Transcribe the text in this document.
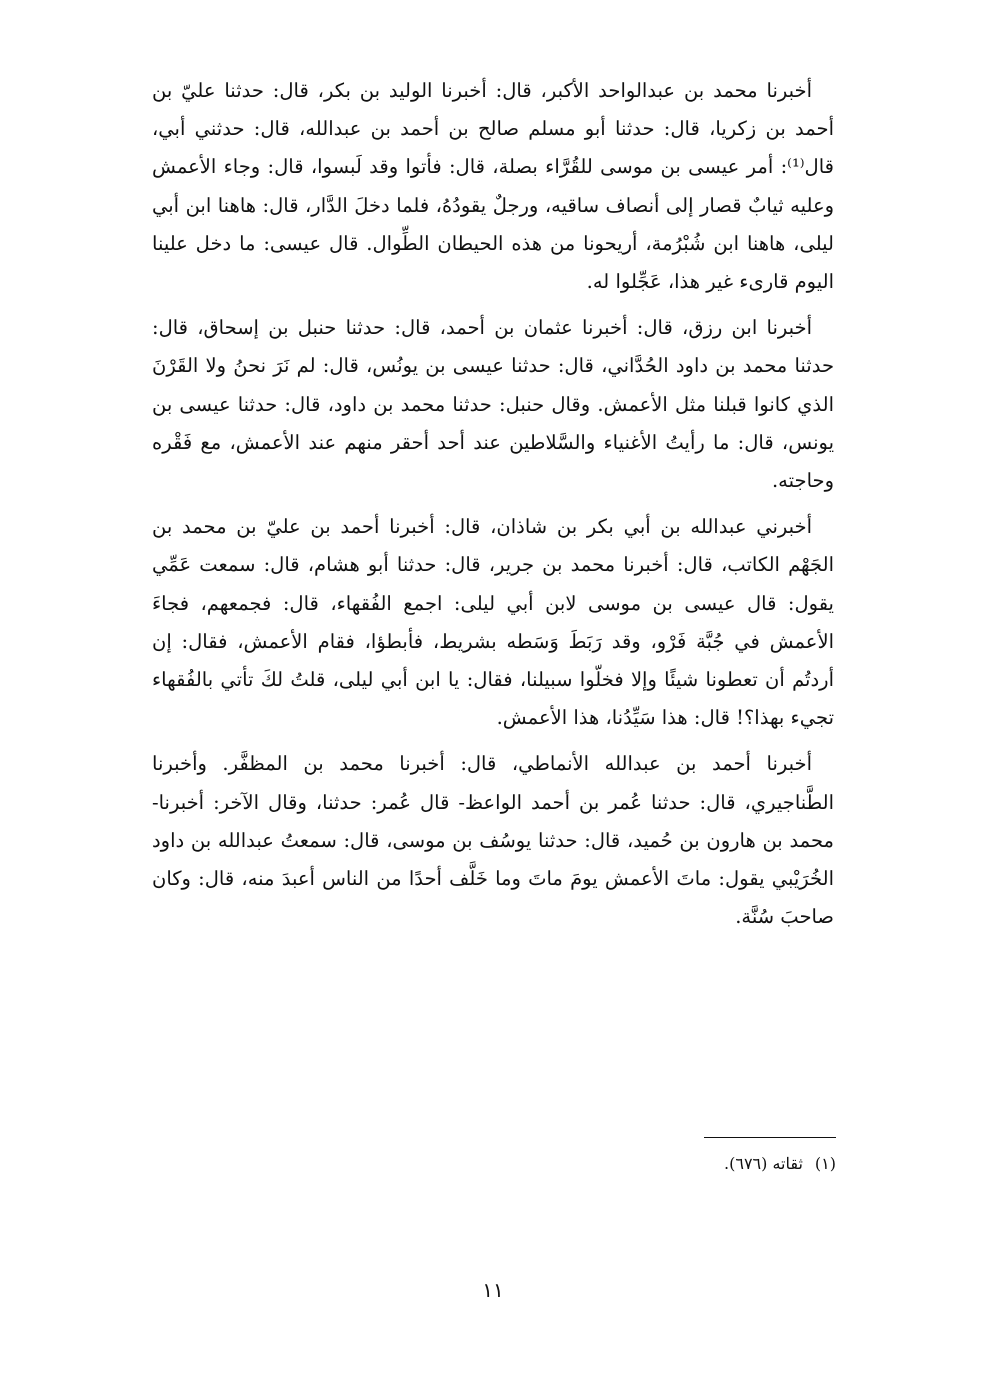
أخبرنا محمد بن عبدالواحد الأكبر، قال: أخبرنا الوليد بن بكر، قال: حدثنا عليّ بن أحمد بن زكريا، قال: حدثنا أبو مسلم صالح بن أحمد بن عبدالله، قال: حدثني أبي، قال⁽¹⁾: أمر عيسى بن موسى للقُرَّاء بصلة، قال: فأتوا وقد لَبسوا، قال: وجاء الأعمش وعليه ثيابٌ قصار إلى أنصاف ساقيه، ورجلٌ يقودُهُ، فلما دخلَ الدَّار، قال: هاهنا ابن أبي ليلى، هاهنا ابن شُبْرُمة، أريحونا من هذه الحيطان الطِّوال. قال عيسى: ما دخل علينا اليوم قارىء غير هذا، عَجِّلوا له.

أخبرنا ابن رزق، قال: أخبرنا عثمان بن أحمد، قال: حدثنا حنبل بن إسحاق، قال: حدثنا محمد بن داود الحُدَّاني، قال: حدثنا عيسى بن يونُس، قال: لم نَرَ نحنُ ولا القَرْنَ الذي كانوا قبلنا مثل الأعمش. وقال حنبل: حدثنا محمد بن داود، قال: حدثنا عيسى بن يونس، قال: ما رأيتُ الأغنياء والسَّلاطين عند أحد أحقر منهم عند الأعمش، مع فَقْره وحاجته.

أخبرني عبدالله بن أبي بكر بن شاذان، قال: أخبرنا أحمد بن عليّ بن محمد بن الجَهْم الكاتب، قال: أخبرنا محمد بن جرير، قال: حدثنا أبو هشام، قال: سمعت عَمِّي يقول: قال عيسى بن موسى لابن أبي ليلى: اجمع الفُقهاء، قال: فجمعهم، فجاءَ الأعمش في جُبَّة فَرْو، وقد رَبَطَ وَسَطه بشريط، فأبطؤا، فقام الأعمش، فقال: إن أردتُم أن تعطونا شيئًا وإلا فخلّوا سبيلنا، فقال: يا ابن أبي ليلى، قلتُ لكَ تأتي بالفُقهاء تجيء بهذا؟! قال: هذا سَيِّدُنا، هذا الأعمش.

أخبرنا أحمد بن عبدالله الأنماطي، قال: أخبرنا محمد بن المظفَّر. وأخبرنا الطَّناجيري، قال: حدثنا عُمر بن أحمد الواعظ- قال عُمر: حدثنا، وقال الآخر: أخبرنا- محمد بن هارون بن حُميد، قال: حدثنا يوسُف بن موسى، قال: سمعتُ عبدالله بن داود الخُرَيْبي يقول: ماتَ الأعمش يومَ ماتَ وما خَلَّف أحدًا من الناس أعبدَ منه، قال: وكان صاحبَ سُنَّة.

(١)ثقاته (٦٧٦).
١١
